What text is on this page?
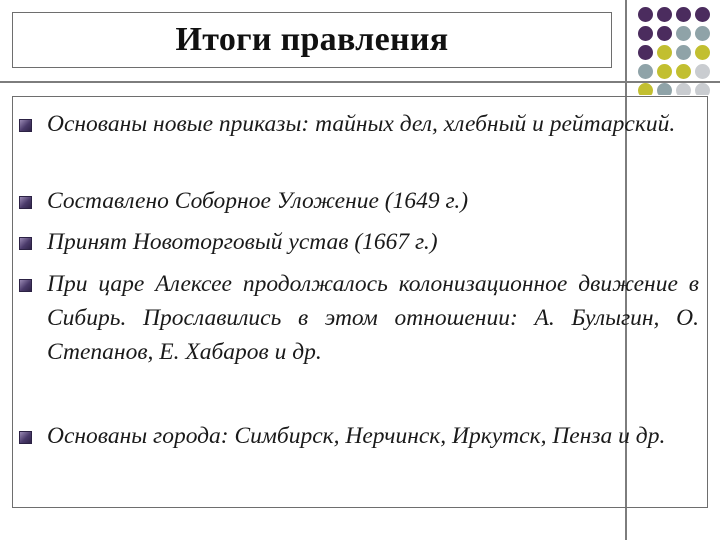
Итоги правления
Основаны новые приказы: тайных дел, хлебный и рейтарский.
Составлено Соборное Уложение (1649 г.)
Принят Новоторговый устав (1667 г.)
При царе Алексее продолжалось колонизационное движение в Сибирь. Прославились в этом отношении: А. Булыгин, О. Степанов, Е. Хабаров и др.
Основаны города: Симбирск, Нерчинск, Иркутск, Пенза и др.
